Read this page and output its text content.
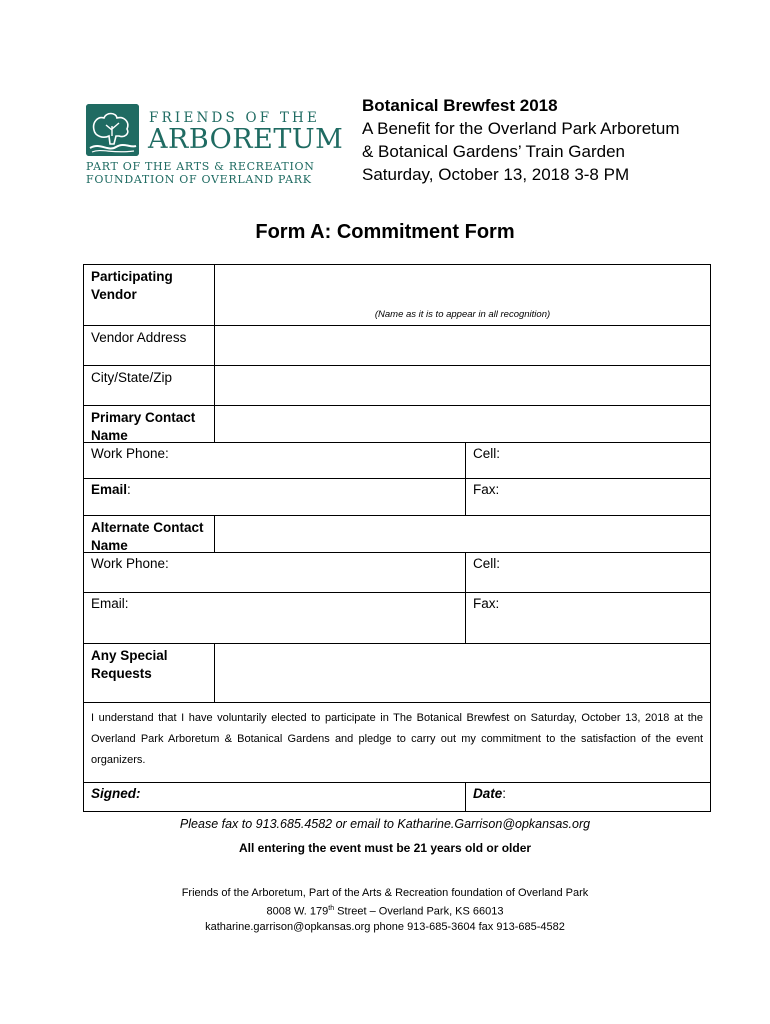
FRIENDS OF THE
ARBORETUM
PART OF THE ARTS & RECREATION
FOUNDATION OF OVERLAND PARK
Botanical Brewfest 2018
A Benefit for the Overland Park Arboretum
& Botanical Gardens’ Train Garden
Saturday, October 13, 2018 3-8 PM
Form A: Commitment Form
Participating
Vendor
(Name as it is to appear in all recognition)
Vendor Address
City/State/Zip
Primary Contact
Name
Work Phone:	Cell:
Email:	Fax:
Alternate Contact
Name
Work Phone:	Cell:
Email:	Fax:
Any Special
Requests
I understand that I have voluntarily elected to participate in The Botanical Brewfest on Saturday, October 13, 2018 at the Overland Park Arboretum & Botanical Gardens and pledge to carry out my commitment to the satisfaction of the event organizers.
Signed:	Date:
Please fax to 913.685.4582 or email to Katharine.Garrison@opkansas.org
All entering the event must be 21 years old or older
Friends of the Arboretum, Part of the Arts & Recreation foundation of Overland Park
8008 W. 179th Street – Overland Park, KS 66013
katharine.garrison@opkansas.org phone 913-685-3604 fax 913-685-4582
